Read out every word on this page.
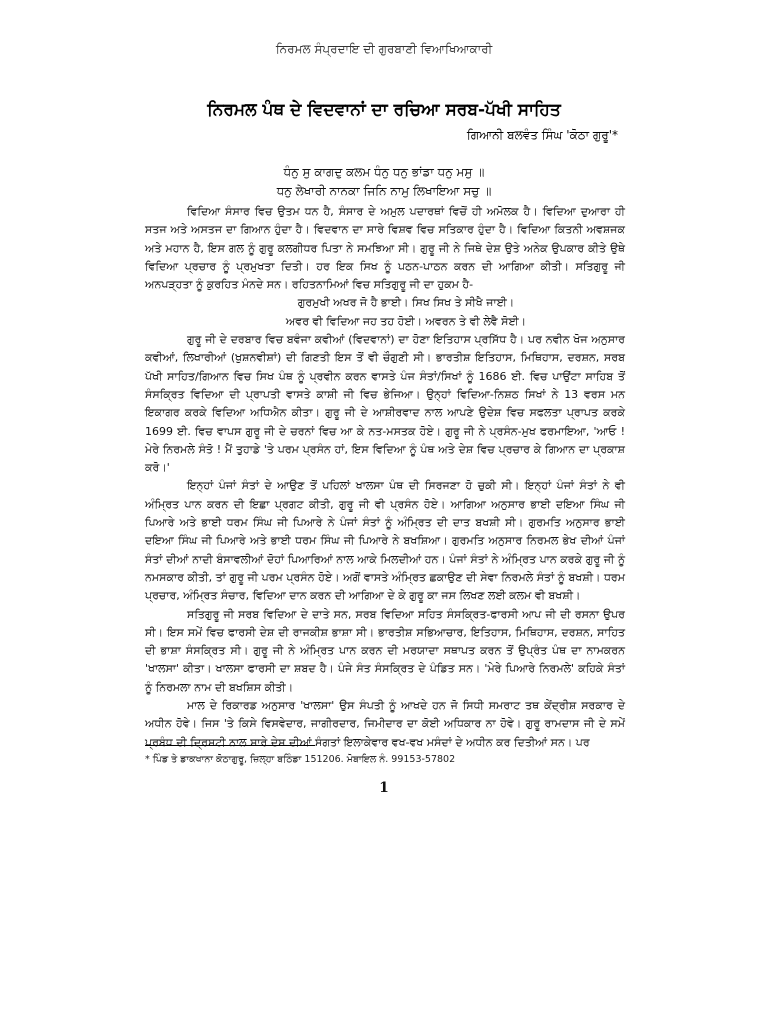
ਨਿਰਮਲ ਸੰਪ੍ਰਦਾਇ ਦੀ ਗੁਰਬਾਣੀ ਵਿਆਖਿਆਕਾਰੀ
ਨਿਰਮਲ ਪੰਥ ਦੇ ਵਿਦਵਾਨਾਂ ਦਾ ਰਚਿਆ ਸਰਬ-ਪੱਖੀ ਸਾਹਿਤ
ਗਿਆਨੀ ਬਲਵੰਤ ਸਿੰਘ 'ਕੋਠਾ ਗੁਰੂ'*
ਧੰਨੁ ਸੁ ਕਾਗਦੁ ਕਲਮ ਧੰਨੁ ਧਨੁ ਭਾਂਡਾ ਧਨੁ ਮਸੁ ॥
ਧਨੁ ਲੇਖਾਰੀ ਨਾਨਕਾ ਜਿਨਿ ਨਾਮੁ ਲਿਖਾਇਆ ਸਚੁ ॥

ਵਿਦਿਆ ਸੰਸਾਰ ਵਿਚ ਉਤਮ ਧਨ ਹੈ, ਸੰਸਾਰ ਦੇ ਅਮੁਲ ਪਦਾਰਥਾਂ ਵਿਚੋਂ ਹੀ ਅਮੋਲਕ ਹੈ। ਵਿਦਿਆ ਦੁਆਰਾ ਹੀ ਸਤਜ ਅਤੇ ਅਸਤਜ ਦਾ ਗਿਆਨ ਹੁੰਦਾ ਹੈ। ਵਿਦਵਾਨ ਦਾ ਸਾਰੇ ਵਿਸ਼ਵ ਵਿਚ ਸਤਿਕਾਰ ਹੁੰਦਾ ਹੈ। ਵਿਦਿਆ ਕਿਤਨੀ ਅਵਸ਼ਜਕ ਅਤੇ ਮਹਾਨ ਹੈ, ਇਸ ਗਲ ਨੂੰ ਗੁਰੂ ਕਲਗੀਧਰ ਪਿਤਾ ਨੇ ਸਮਝਿਆ ਸੀ। ਗੁਰੂ ਜੀ ਨੇ ਜਿਥੇ ਦੇਸ਼ ਉਤੇ ਅਨੇਕ ਉਪਕਾਰ ਕੀਤੇ ਉਥੇ ਵਿਦਿਆ ਪ੍ਰਚਾਰ ਨੂੰ ਪ੍ਰਮੁਖਤਾ ਦਿਤੀ। ਹਰ ਇਕ ਸਿਖ ਨੂੰ ਪਠਨ-ਪਾਠਨ ਕਰਨ ਦੀ ਆਗਿਆ ਕੀਤੀ। ਸਤਿਗੁਰੂ ਜੀ ਅਨਪੜ੍ਹਤਾ ਨੂੰ ਕੁਰਹਿਤ ਮੰਨਦੇ ਸਨ। ਰਹਿਤਨਾਮਿਆਂ ਵਿਚ ਸਤਿਗੁਰੂ ਜੀ ਦਾ ਹੁਕਮ ਹੈ-

ਗੁਰਮੁਖੀ ਅਖਰ ਜੋ ਹੈ ਭਾਈ। ਸਿਖ ਸਿਖ ਤੇ ਸੀਖੈ ਜਾਈ।

ਅਵਰ ਵੀ ਵਿਦਿਆ ਜਹ ਤਹ ਹੋਈ। ਅਵਰਨ ਤੇ ਵੀ ਲੇਵੈ ਸੋਈ।

ਗੁਰੂ ਜੀ ਦੇ ਦਰਬਾਰ ਵਿਚ ਬਵੰਜਾ ਕਵੀਆਂ (ਵਿਦਵਾਨਾਂ) ਦਾ ਹੋਣਾ ਇਤਿਹਾਸ ਪ੍ਰਸਿੱਧ ਹੈ। ਪਰ ਨਵੀਨ ਖੋਜ ਅਨੁਸਾਰ ਕਵੀਆਂ, ਲਿਖਾਰੀਆਂ (ਖੁਸ਼ਨਵੀਸ਼ਾਂ) ਦੀ ਗਿਣਤੀ ਇਸ ਤੋਂ ਵੀ ਚੌਗੁਣੀ ਸੀ। ਭਾਰਤੀਸ਼ ਇਤਿਹਾਸ, ਮਿਥਿਹਾਸ, ਦਰਸ਼ਨ, ਸਰਬ ਪੱਖੀ ਸਾਹਿਤ/ਗਿਆਨ ਵਿਚ ਸਿਖ ਪੰਥ ਨੂੰ ਪ੍ਰਵੀਨ ਕਰਨ ਵਾਸਤੇ ਪੰਜ ਸੰਤਾਂ/ਸਿਖਾਂ ਨੂੰ 1686 ਈ. ਵਿਚ ਪਾਉਂਟਾ ਸਾਹਿਬ ਤੋਂ ਸੰਸਕ੍ਰਿਤ ਵਿਦਿਆ ਦੀ ਪ੍ਰਾਪਤੀ ਵਾਸਤੇ ਕਾਸ਼ੀ ਜੀ ਵਿਚ ਭੇਜਿਆ। ਉਨ੍ਹਾਂ ਵਿਦਿਆ-ਨਿਸ਼ਠ ਸਿਖਾਂ ਨੇ 13 ਵਰਸ ਮਨ ਇਕਾਗਰ ਕਰਕੇ ਵਿਦਿਆ ਅਧਿਐਨ ਕੀਤਾ। ਗੁਰੂ ਜੀ ਦੇ ਆਸ਼ੀਰਵਾਦ ਨਾਲ ਆਪਣੇ ਉਦੇਸ਼ ਵਿਚ ਸਫਲਤਾ ਪ੍ਰਾਪਤ ਕਰਕੇ 1699 ਈ. ਵਿਚ ਵਾਪਸ ਗੁਰੂ ਜੀ ਦੇ ਚਰਨਾਂ ਵਿਚ ਆ ਕੇ ਨਤ-ਮਸਤਕ ਹੋਏ। ਗੁਰੂ ਜੀ ਨੇ ਪ੍ਰਸੰਨ-ਮੁਖ ਫਰਮਾਇਆ, 'ਆਓ ! ਮੇਰੇ ਨਿਰਮਲੇ ਸੰਤੋ ! ਮੈਂ ਤੁਹਾਡੇ 'ਤੇ ਪਰਮ ਪ੍ਰਸੰਨ ਹਾਂ, ਇਸ ਵਿਦਿਆ ਨੂੰ ਪੰਥ ਅਤੇ ਦੇਸ਼ ਵਿਚ ਪ੍ਰਚਾਰ ਕੇ ਗਿਆਨ ਦਾ ਪ੍ਰਕਾਸ਼ ਕਰੋ।'

ਇਨ੍ਹਾਂ ਪੰਜਾਂ ਸੰਤਾਂ ਦੇ ਆਉਣ ਤੋਂ ਪਹਿਲਾਂ ਖਾਲਸਾ ਪੰਥ ਦੀ ਸਿਰਜਣਾ ਹੋ ਚੁਕੀ ਸੀ। ਇਨ੍ਹਾਂ ਪੰਜਾਂ ਸੰਤਾਂ ਨੇ ਵੀ ਅੰਮ੍ਰਿਤ ਪਾਨ ਕਰਨ ਦੀ ਇਛਾ ਪ੍ਰਗਟ ਕੀਤੀ, ਗੁਰੂ ਜੀ ਵੀ ਪ੍ਰਸੰਨ ਹੋਏ। ਆਗਿਆ ਅਨੁਸਾਰ ਭਾਈ ਦਇਆ ਸਿੰਘ ਜੀ ਪਿਆਰੇ ਅਤੇ ਭਾਈ ਧਰਮ ਸਿੰਘ ਜੀ ਪਿਆਰੇ ਨੇ ਪੰਜਾਂ ਸੰਤਾਂ ਨੂੰ ਅੰਮ੍ਰਿਤ ਦੀ ਦਾਤ ਬਖਸ਼ੀ ਸੀ। ਗੁਰਮਤਿ ਅਨੁਸਾਰ ਭਾਈ ਦਇਆ ਸਿੰਘ ਜੀ ਪਿਆਰੇ ਅਤੇ ਭਾਈ ਧਰਮ ਸਿੰਘ ਜੀ ਪਿਆਰੇ ਨੇ ਬਖਸ਼ਿਆ। ਗੁਰਮਤਿ ਅਨੁਸਾਰ ਨਿਰਮਲ ਭੇਖ ਦੀਆਂ ਪੰਜਾਂ ਸੰਤਾਂ ਦੀਆਂ ਨਾਦੀ ਬੰਸਾਵਲੀਆਂ ਦੋਹਾਂ ਪਿਆਰਿਆਂ ਨਾਲ ਆਕੇ ਮਿਲਦੀਆਂ ਹਨ। ਪੰਜਾਂ ਸੰਤਾਂ ਨੇ ਅੰਮ੍ਰਿਤ ਪਾਨ ਕਰਕੇ ਗੁਰੂ ਜੀ ਨੂੰ ਨਮਸਕਾਰ ਕੀਤੀ, ਤਾਂ ਗੁਰੂ ਜੀ ਪਰਮ ਪ੍ਰਸੰਨ ਹੋਏ। ਅਗੋਂ ਵਾਸਤੇ ਅੰਮ੍ਰਿਤ ਛਕਾਉਣ ਦੀ ਸੇਵਾ ਨਿਰਮਲੇ ਸੰਤਾਂ ਨੂੰ ਬਖਸ਼ੀ। ਧਰਮ ਪ੍ਰਚਾਰ, ਅੰਮ੍ਰਿਤ ਸੰਚਾਰ, ਵਿਦਿਆ ਦਾਨ ਕਰਨ ਦੀ ਆਗਿਆ ਦੇ ਕੇ ਗੁਰੂ ਕਾ ਜਸ ਲਿਖਣ ਲਈ ਕਲਮ ਵੀ ਬਖਸ਼ੀ।

ਸਤਿਗੁਰੂ ਜੀ ਸਰਬ ਵਿਦਿਆ ਦੇ ਦਾਤੇ ਸਨ, ਸਰਬ ਵਿਦਿਆ ਸਹਿਤ ਸੰਸਕ੍ਰਿਤ-ਫਾਰਸੀ ਆਪ ਜੀ ਦੀ ਰਸਨਾ ਉਪਰ ਸੀ। ਇਸ ਸਮੇਂ ਵਿਚ ਫਾਰਸੀ ਦੇਸ਼ ਦੀ ਰਾਜਕੀਸ਼ ਭਾਸ਼ਾ ਸੀ। ਭਾਰਤੀਸ਼ ਸਭਿਆਚਾਰ, ਇਤਿਹਾਸ, ਮਿਥਿਹਾਸ, ਦਰਸ਼ਨ, ਸਾਹਿਤ ਦੀ ਭਾਸ਼ਾ ਸੰਸਕ੍ਰਿਤ ਸੀ। ਗੁਰੂ ਜੀ ਨੇ ਅੰਮ੍ਰਿਤ ਪਾਨ ਕਰਨ ਦੀ ਮਰਯਾਦਾ ਸਥਾਪਤ ਕਰਨ ਤੋਂ ਉਪ੍ਰੰਤ ਪੰਥ ਦਾ ਨਾਮਕਰਨ 'ਖਾਲਸਾ' ਕੀਤਾ। ਖਾਲਸਾ ਫਾਰਸੀ ਦਾ ਸ਼ਬਦ ਹੈ। ਪੰਜੇ ਸੰਤ ਸੰਸਕ੍ਰਿਤ ਦੇ ਪੰਡਿਤ ਸਨ। 'ਮੇਰੇ ਪਿਆਰੇ ਨਿਰਮਲੇ' ਕਹਿਕੇ ਸੰਤਾਂ ਨੂੰ ਨਿਰਮਲਾ ਨਾਮ ਦੀ ਬਖਸ਼ਿਸ ਕੀਤੀ।

ਮਾਲ ਦੇ ਰਿਕਾਰਡ ਅਨੁਸਾਰ 'ਖਾਲਸਾ' ਉਸ ਸੰਪਤੀ ਨੂੰ ਆਖਦੇ ਹਨ ਜੋ ਸਿਧੀ ਸਮਰਾਟ ਤਥ ਕੇਂਦ੍ਰੀਸ਼ ਸਰਕਾਰ ਦੇ ਅਧੀਨ ਹੋਵੇ। ਜਿਸ 'ਤੇ ਕਿਸੇ ਵਿਸਵੇਦਾਰ, ਜਾਗੀਰਦਾਰ, ਜਿਮੀਦਾਰ ਦਾ ਕੋਈ ਅਧਿਕਾਰ ਨਾ ਹੋਵੇ। ਗੁਰੂ ਰਾਮਦਾਸ ਜੀ ਦੇ ਸਮੇਂ ਪ੍ਰਬੰਧ ਦੀ ਦ੍ਰਿਸ਼ਟੀ ਨਾਲ ਸਾਰੇ ਦੇਸ਼ ਦੀਆਂ ਸੰਗਤਾਂ ਇਲਾਕੇਵਾਰ ਵਖ-ਵਖ ਮਸੰਦਾਂ ਦੇ ਅਧੀਨ ਕਰ ਦਿਤੀਆਂ ਸਨ। ਪਰ

* ਪਿੰਡ ਤੇ ਡਾਕਖਾਨਾ ਕੋਠਾਗੁਰੂ, ਜ਼ਿਲ੍ਹਾ ਬਠਿੰਡਾ 151206. ਮੋਬਾਇਲ ਨੰ. 99153-57802
1
